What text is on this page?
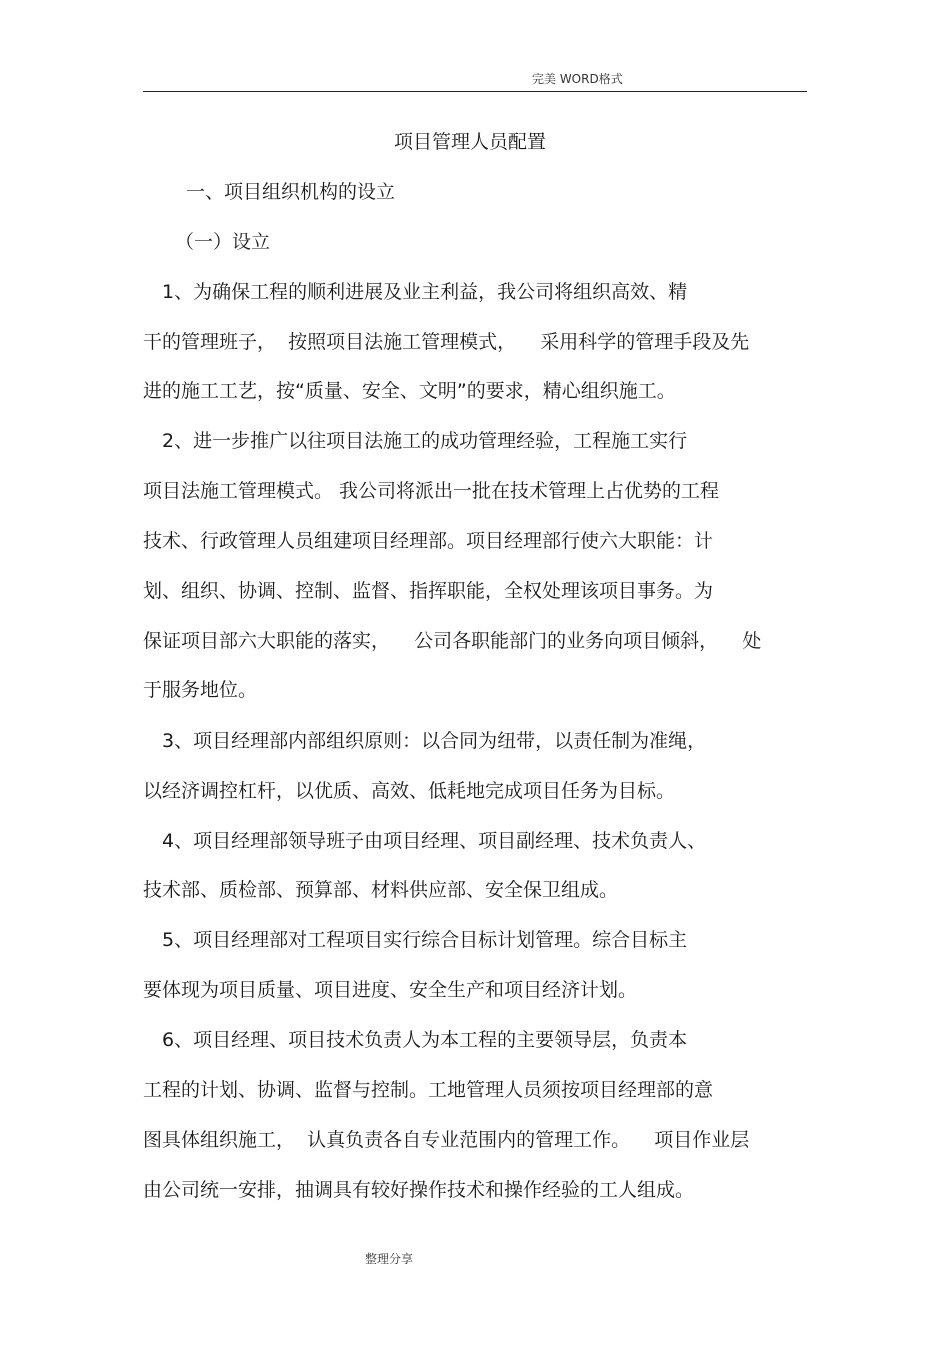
完美 WORD格式
项目管理人员配置
一、项目组织机构的设立
（一）设立
　1、为确保工程的顺利进展及业主利益，我公司将组织高效、精
干的管理班子，  按照项目法施工管理模式，    采用科学的管理手段及先
进的施工工艺，按“质量、安全、文明”的要求，精心组织施工。
　2、进一步推广以往项目法施工的成功管理经验，工程施工实行
项目法施工管理模式。 我公司将派出一批在技术管理上占优势的工程
技术、行政管理人员组建项目经理部。项目经理部行使六大职能：计
划、组织、协调、控制、监督、指挥职能，全权处理该项目事务。为
保证项目部六大职能的落实，    公司各职能部门的业务向项目倾斜，    处
于服务地位。
　3、项目经理部内部组织原则：以合同为纽带，以责任制为准绳，
以经济调控杠杆，以优质、高效、低耗地完成项目任务为目标。
　4、项目经理部领导班子由项目经理、项目副经理、技术负责人、
技术部、质检部、预算部、材料供应部、安全保卫组成。
　5、项目经理部对工程项目实行综合目标计划管理。综合目标主
要体现为项目质量、项目进度、安全生产和项目经济计划。
　6、项目经理、项目技术负责人为本工程的主要领导层，负责本
工程的计划、协调、监督与控制。工地管理人员须按项目经理部的意
图具体组织施工，  认真负责各自专业范围内的管理工作。    项目作业层
由公司统一安排，抽调具有较好操作技术和操作经验的工人组成。
整理分享
